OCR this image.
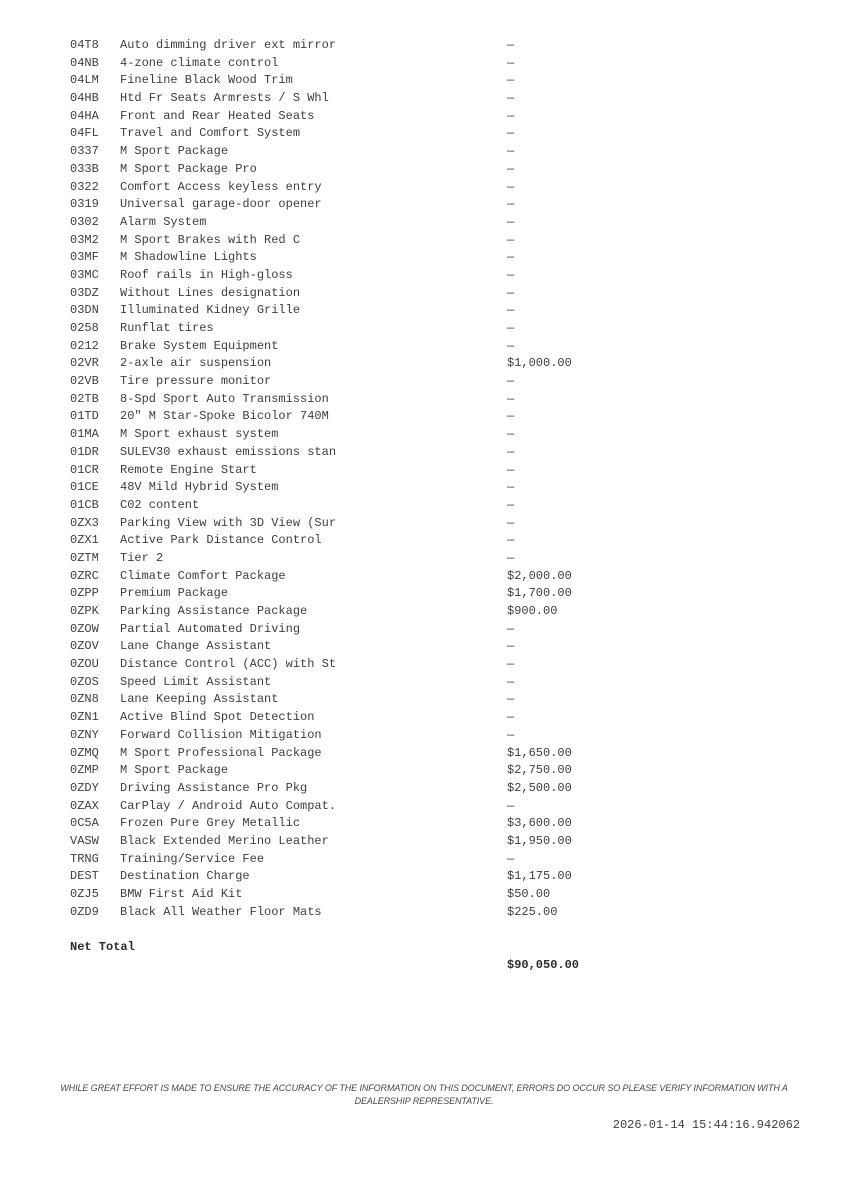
04T8 Auto dimming driver ext mirror	—
04NB 4-zone climate control	—
04LM Fineline Black Wood Trim	—
04HB Htd Fr Seats Armrests / S Whl	—
04HA Front and Rear Heated Seats	—
04FL Travel and Comfort System	—
0337 M Sport Package	—
033B M Sport Package Pro	—
0322 Comfort Access keyless entry	—
0319 Universal garage-door opener	—
0302 Alarm System	—
03M2 M Sport Brakes with Red C	—
03MF M Shadowline Lights	—
03MC Roof rails in High-gloss	—
03DZ Without Lines designation	—
03DN Illuminated Kidney Grille	—
0258 Runflat tires	—
0212 Brake System Equipment	—
02VR 2-axle air suspension	$1,000.00
02VB Tire pressure monitor	—
02TB 8-Spd Sport Auto Transmission	—
01TD 20" M Star-Spoke Bicolor 740M	—
01MA M Sport exhaust system	—
01DR SULEV30 exhaust emissions stan	—
01CR Remote Engine Start	—
01CE 48V Mild Hybrid System	—
01CB C02 content	—
0ZX3 Parking View with 3D View (Sur	—
0ZX1 Active Park Distance Control	—
0ZTM Tier 2	—
0ZRC Climate Comfort Package	$2,000.00
0ZPP Premium Package	$1,700.00
0ZPK Parking Assistance Package	$900.00
0ZOW Partial Automated Driving	—
0ZOV Lane Change Assistant	—
0ZOU Distance Control (ACC) with St	—
0ZOS Speed Limit Assistant	—
0ZN8 Lane Keeping Assistant	—
0ZN1 Active Blind Spot Detection	—
0ZNY Forward Collision Mitigation	—
0ZMQ M Sport Professional Package	$1,650.00
0ZMP M Sport Package	$2,750.00
0ZDY Driving Assistance Pro Pkg	$2,500.00
0ZAX CarPlay / Android Auto Compat.	—
0C5A Frozen Pure Grey Metallic	$3,600.00
VASW Black Extended Merino Leather	$1,950.00
TRNG Training/Service Fee	—
DEST Destination Charge	$1,175.00
0ZJ5 BMW First Aid Kit	$50.00
0ZD9 Black All Weather Floor Mats	$225.00

Net Total

$90,050.00

WHILE GREAT EFFORT IS MADE TO ENSURE THE ACCURACY OF THE INFORMATION ON THIS DOCUMENT, ERRORS DO OCCUR SO PLEASE VERIFY INFORMATION WITH A DEALERSHIP REPRESENTATIVE.
2026-01-14 15:44:16.942062
